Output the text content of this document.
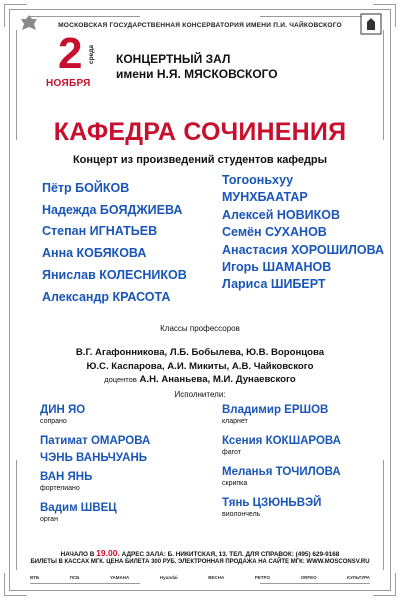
МОСКОВСКАЯ ГОСУДАРСТВЕННАЯ КОНСЕРВАТОРИЯ ИМЕНИ П.И. ЧАЙКОВСКОГО
2 среда
НОЯБРЯ
КОНЦЕРТНЫЙ ЗАЛ
имени Н.Я. МЯСКОВСКОГО
КАФЕДРА СОЧИНЕНИЯ
Концерт из произведений студентов кафедры
Пётр БОЙКОВ
Надежда БОЯДЖИЕВА
Степан ИГНАТЬЕВ
Анна КОБЯКОВА
Янислав КОЛЕСНИКОВ
Александр КРАСОТА
Тогооньхуу
МУНХБААТАР
Алексей НОВИКОВ
Семён СУХАНОВ
Анастасия ХОРОШИЛОВА
Игорь ШАМАНОВ
Лариса ШИБЕРТ
Классы профессоров
В.Г. Агафонникова, Л.Б. Бобылева, Ю.В. Воронцова
Ю.С. Каспарова, А.И. Микиты, А.В. Чайковского
доцентов А.Н. Ананьева, М.И. Дунаевского
Исполнители:
ДИН ЯО
сопрано
Патимат ОМАРОВА
ЧЭНЬ ВАНЬЧУАНЬ
ВАН ЯНЬ
фортепиано
Вадим ШВЕЦ
орган
Владимир ЕРШОВ
кларнет
Ксения КОКШАРОВА
фагот
Меланья ТОЧИЛОВА
скрипка
Тянь ЦЗЮНЬВЭЙ
виолончель
НАЧАЛО В 19.00. АДРЕС ЗАЛА: Б. НИКИТСКАЯ, 13. ТЕЛ. ДЛЯ СПРАВОК: (495) 629-9168
БИЛЕТЫ В КАССАХ МГК. ЦЕНА БИЛЕТА 300 РУБ. ЭЛЕКТРОННАЯ ПРОДАЖА НА САЙТЕ МГК: WWW.MOSCONSV.RU
ВТБ	ПСБ	YAMAHA	Hyundai	ВЕСНА	РЕТРО	ORFEO	КУЛЬТУРА
